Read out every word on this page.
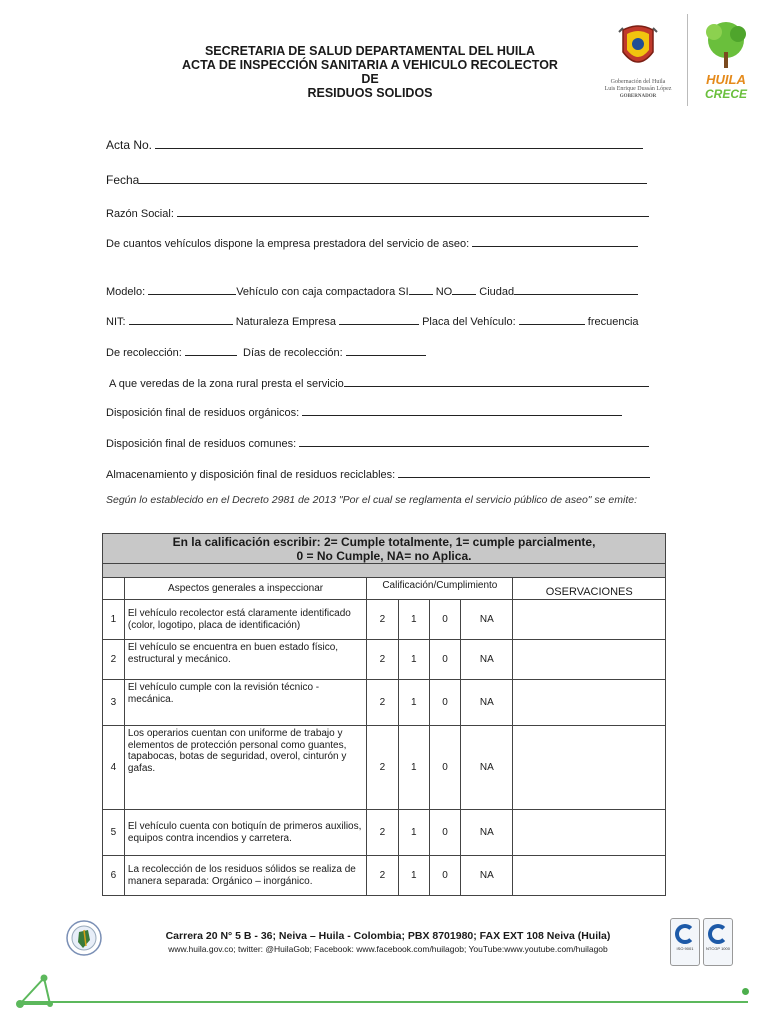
SECRETARIA DE SALUD DEPARTAMENTAL DEL HUILA
ACTA DE INSPECCIÓN SANITARIA A VEHICULO RECOLECTOR
DE
RESIDUOS SOLIDOS
Gobernación del Huila
Luis Enrique Dussán López
GOBERNADOR
HUILA
CRECE
Acta No.
Fecha
Razón Social:
De cuantos vehículos dispone la empresa prestadora del servicio de aseo:
Modelo:	Vehículo con caja compactadora SI NO Ciudad
NIT:	Naturaleza Empresa	Placa del Vehículo:	frecuencia
De recolección:	Días de recolección:
A que veredas de la zona rural presta el servicio
Disposición final de residuos orgánicos:
Disposición final de residuos comunes:
Almacenamiento y disposición final de residuos reciclables:
Según lo establecido en el Decreto 2981 de 2013 "Por el cual se reglamenta el servicio público de aseo" se emite:
En la calificación escribir: 2= Cumple totalmente, 1= cumple parcialmente,
0 = No Cumple, NA= no Aplica.						

	Aspectos generales a inspeccionar	Calificación/Cumplimiento				OSERVACIONES
1	El vehículo recolector está claramente identificado (color, logotipo, placa de identificación)	2	1	0	NA	
2	El vehículo se encuentra en buen estado físico, estructural y mecánico.	2	1	0	NA	
3	El vehículo cumple con la revisión técnico - mecánica.	2	1	0	NA	
4	Los operarios cuentan con uniforme de trabajo y elementos de protección personal como guantes, tapabocas, botas de seguridad, overol, cinturón y gafas.	2	1	0	NA	
5	El vehículo cuenta con botiquín de primeros auxilios, equipos contra incendios y carretera.	2	1	0	NA	
6	La recolección de los residuos sólidos se realiza de manera separada: Orgánico – inorgánico.	2	1	0	NA	
Carrera 20 N° 5 B - 36; Neiva – Huila - Colombia; PBX 8701980; FAX EXT 108 Neiva (Huila)
www.huila.gov.co; twitter: @HuilaGob; Facebook: www.facebook.com/huilagob; YouTube:www.youtube.com/huilagob	ISO 9001	NTCGP 1000
